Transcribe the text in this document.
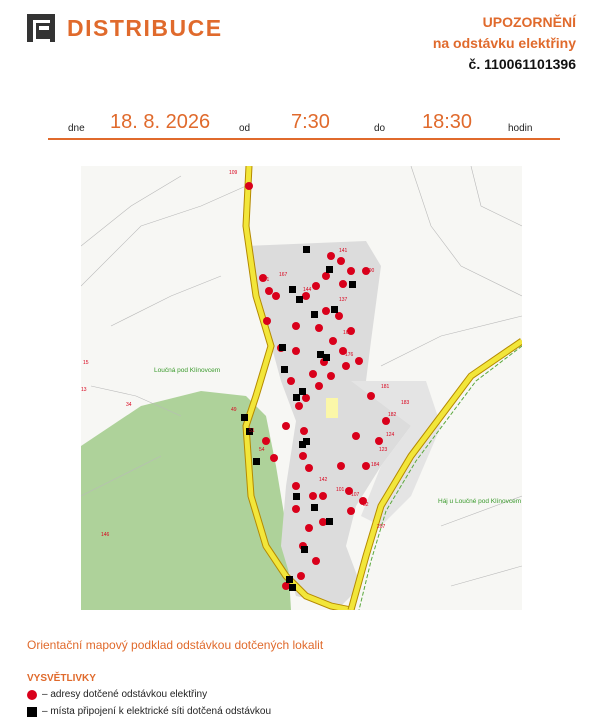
DISTRIBUCE	UPOZORNĚNÍ
na odstávku elektřiny
č. 110061101396
dne 18. 8. 2026	od 7:30	do 18:30	hodin
109
141
190
171
167
144
137
169
176
181
183
182
124
123
184
142
101
107
82
207
146
49
51
54
34
15
13
Loučná pod Klínovcem
Háj u Loučné pod Klínovcem
Orientační mapový podklad odstávkou dotčených lokalit
VYSVĚTLIVKY
– adresy dotčené odstávkou elektřiny
– místa připojení k elektrické síti dotčená odstávkou
